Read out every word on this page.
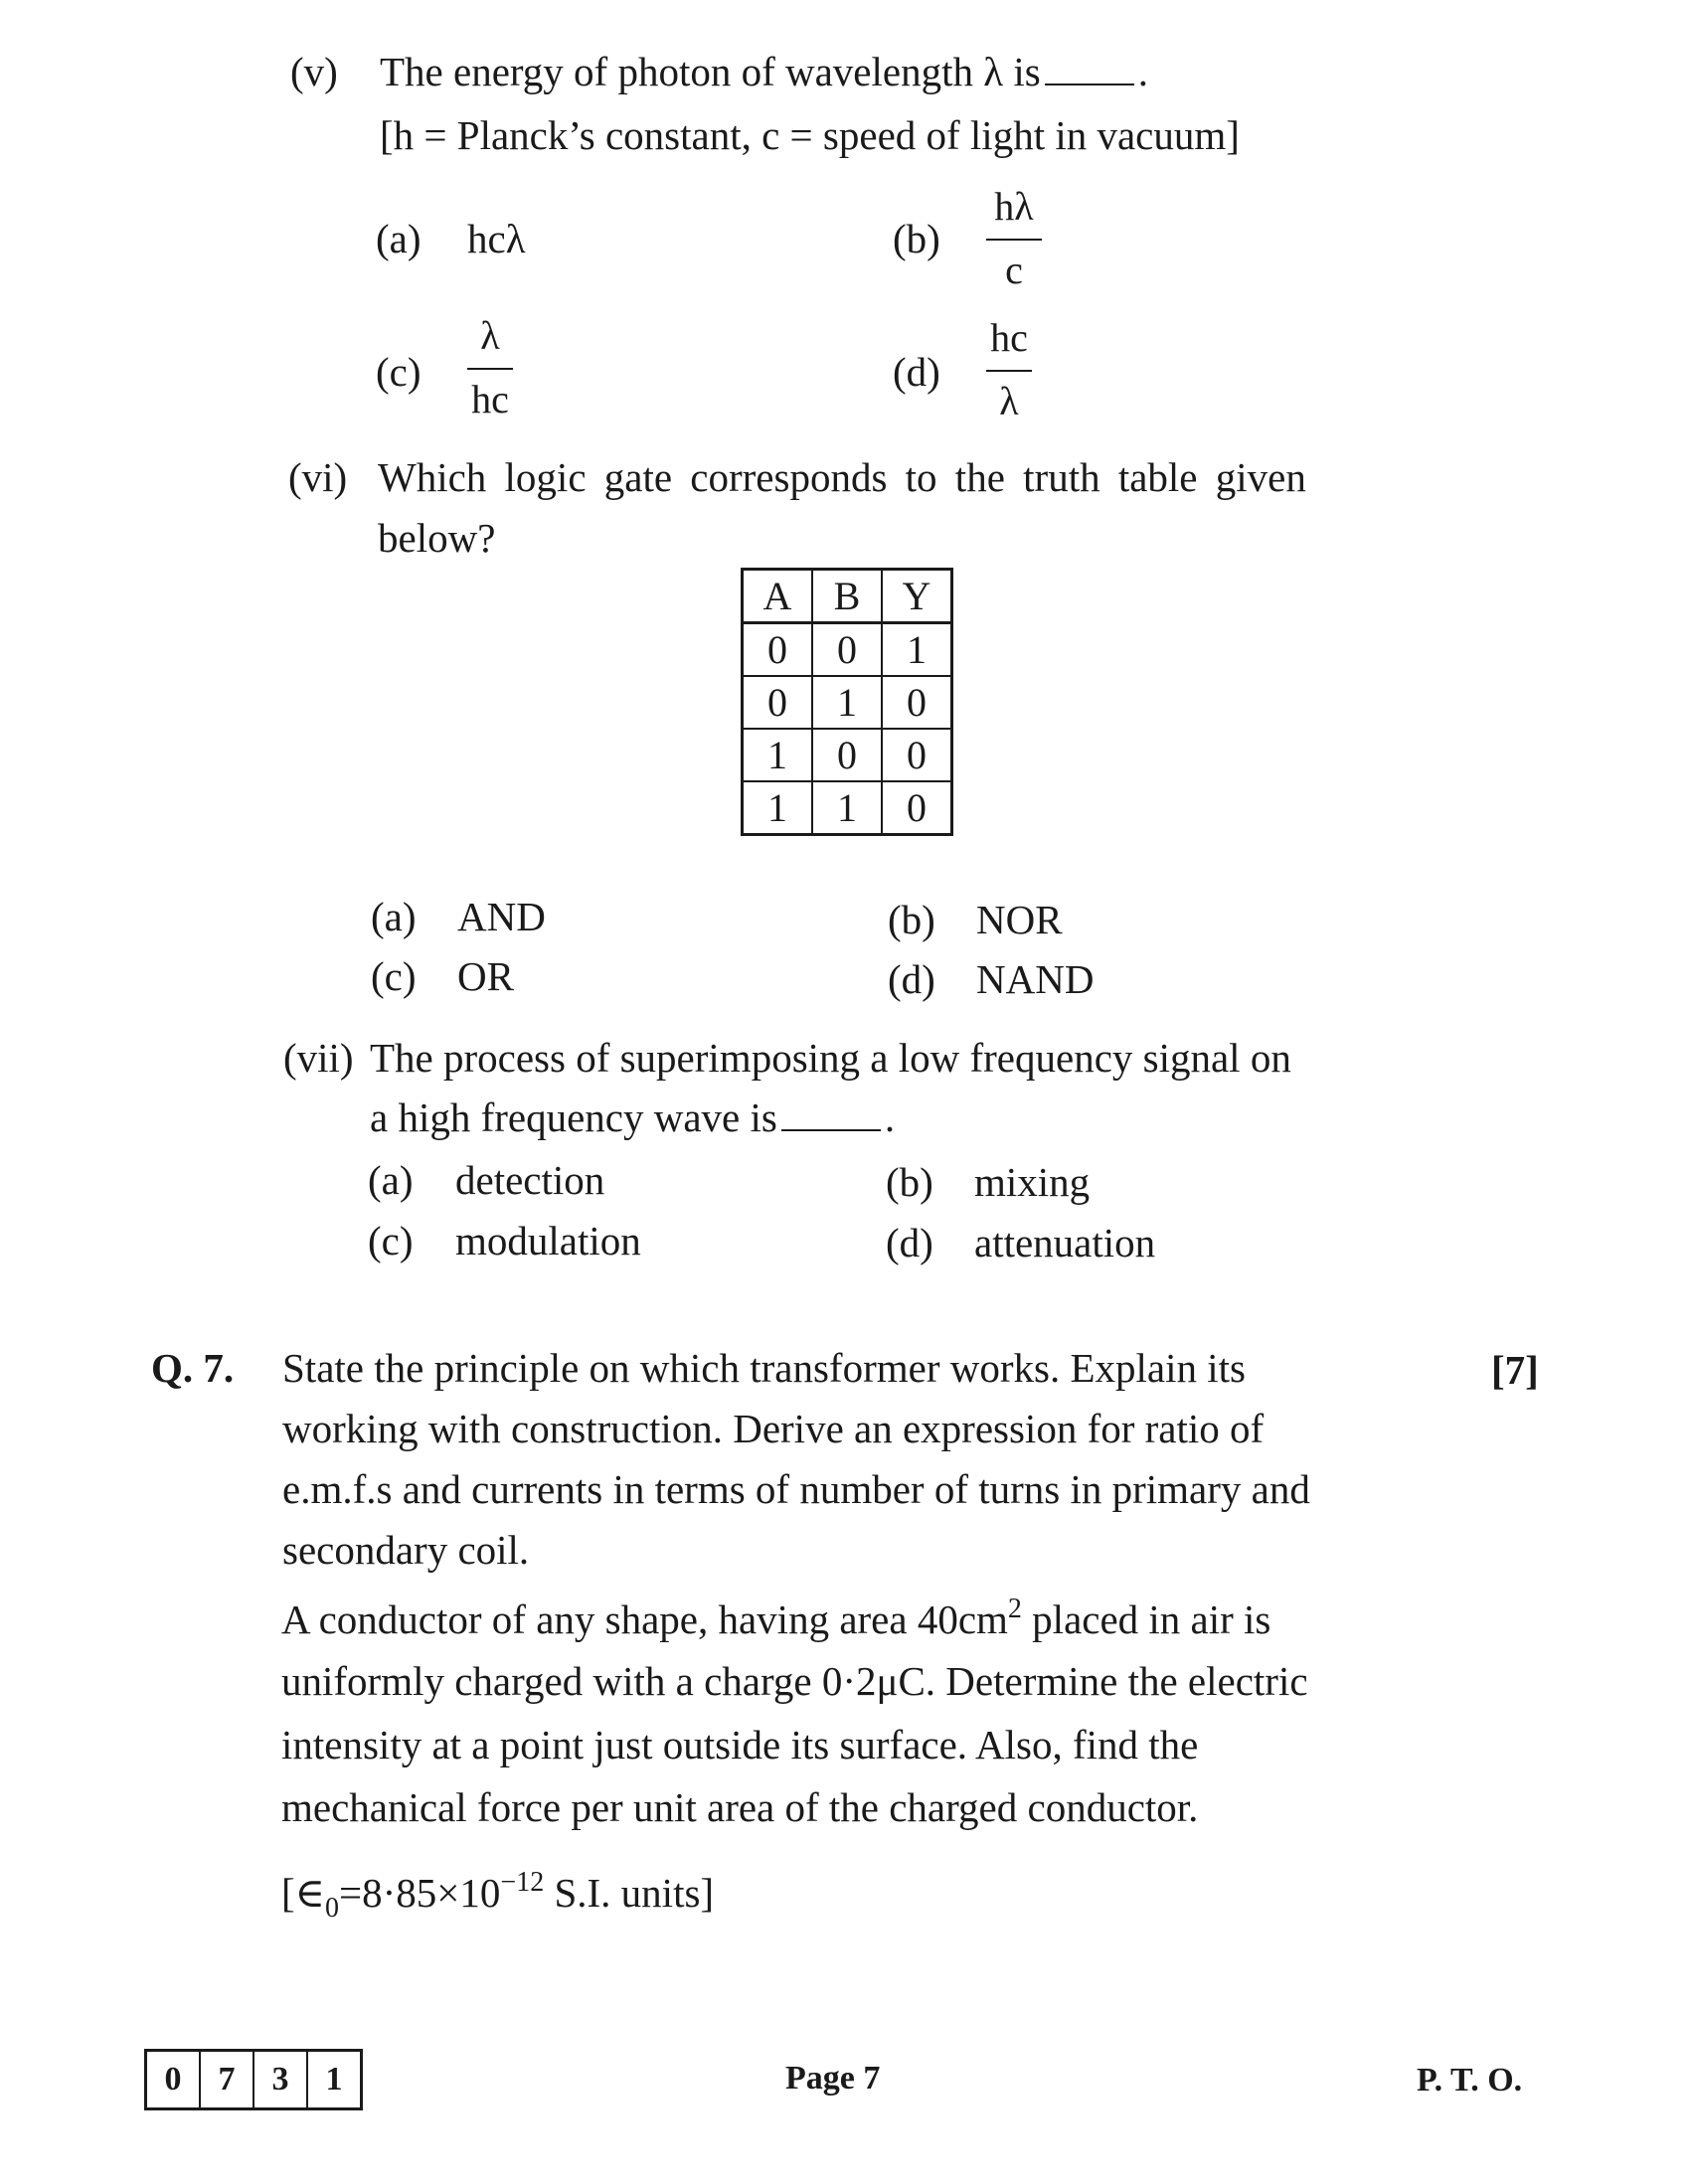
(v) The energy of photon of wavelength λ is .
[h = Planck’s constant, c = speed of light in vacuum]
(a) hcλ	(b)
hλ
c
(c)
λ
hc
(d)
hc
λ
(vi) Which logic gate corresponds to the truth table given
below?
A	B	Y
0	0	1
0	1	0
1	0	0
1	1	0
(a) AND	(b) NOR
(c) OR	(d) NAND
(vii) The process of superimposing a low frequency signal on
a high frequency wave is	.
(a) detection	(b) mixing
(c) modulation	(d) attenuation
Q. 7.	[7]
State the principle on which transformer works. Explain its
working with construction. Derive an expression for ratio of
e.m.f.s and currents in terms of number of turns in primary and
secondary coil.
A conductor of any shape, having area $40cm^2$ placed in air is
uniformly charged with a charge 0·2μC. Determine the electric
intensity at a point just outside its surface. Also, find the
mechanical force per unit area of the charged conductor.
[$\in_0=8\cdot 85\times 10^{-12}$ S.I. units]
0	7	3	1	Page 7	P. T. O.
